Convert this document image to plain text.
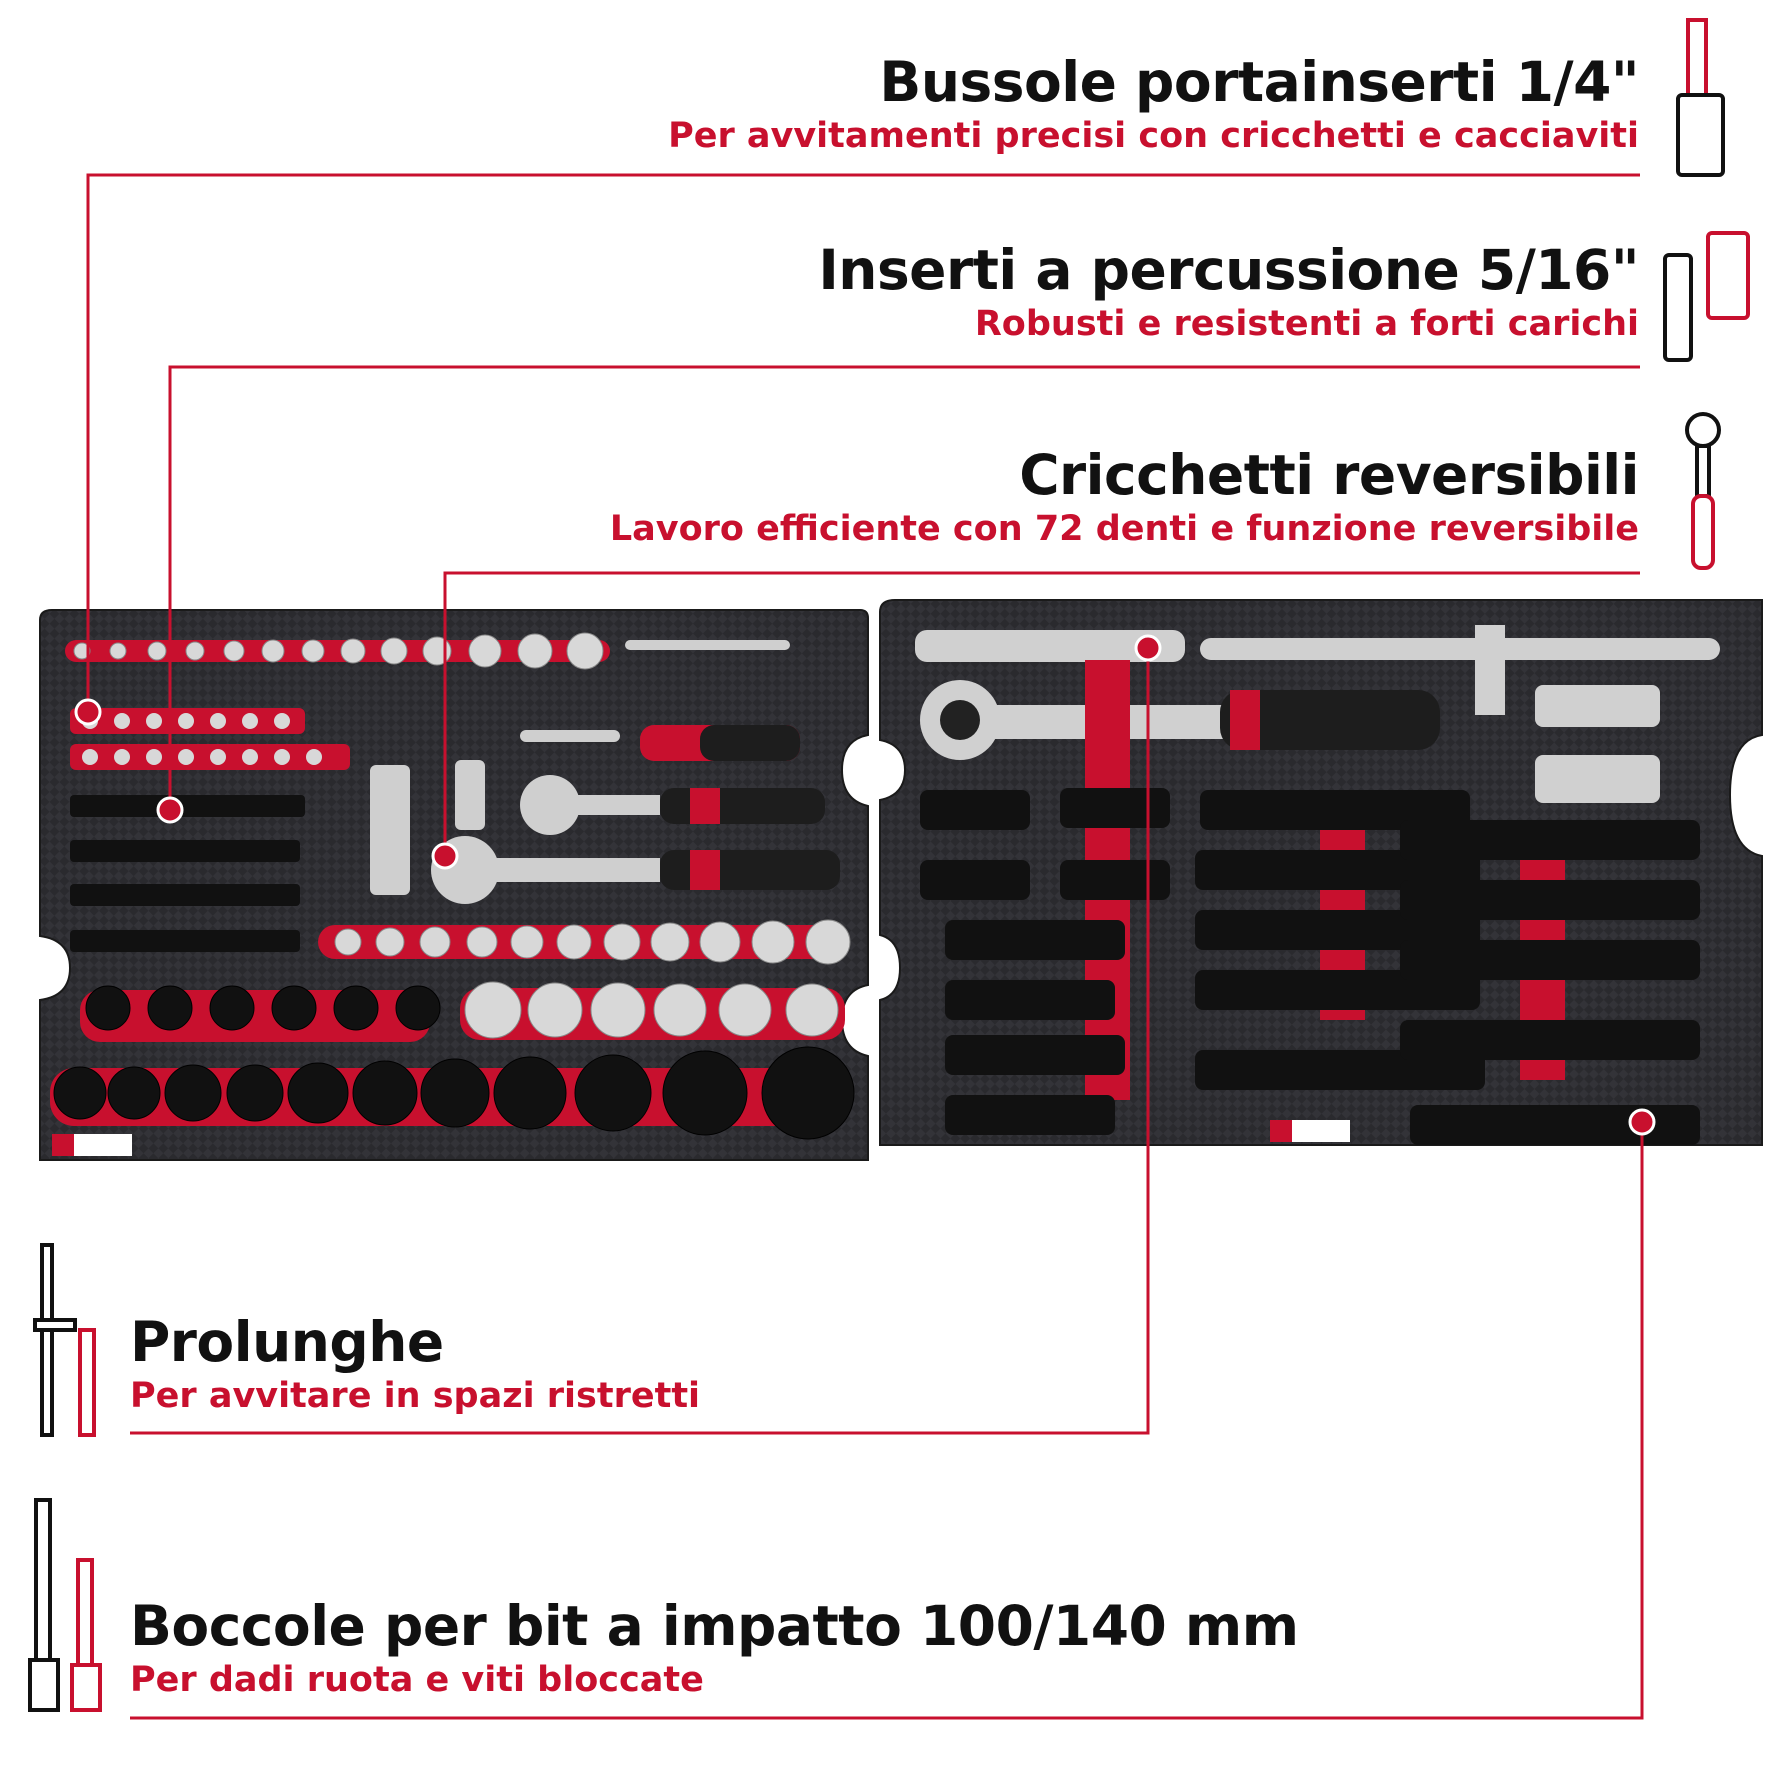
Bussole portainserti 1/4"
Per avvitamenti precisi con cricchetti e cacciaviti
Inserti a percussione 5/16"
Robusti e resistenti a forti carichi
Cricchetti reversibili
Lavoro efficiente con 72 denti e funzione reversibile
Prolunghe
Per avvitare in spazi ristretti
Boccole per bit a impatto 100/140 mm
Per dadi ruota e viti bloccate
Einhell
Einhell
